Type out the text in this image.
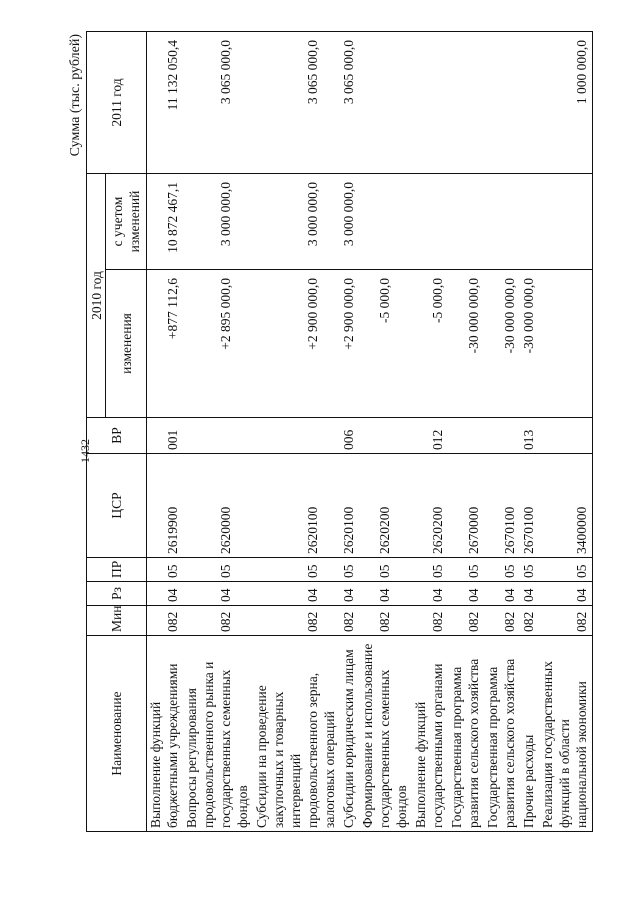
1432
Сумма (тыс. рублей)
Наименование	Мин	Рз	ПР	ЦСР	ВР	2010 год		2011 год
						изменения	с учетом изменений	
Выполнение функций бюджетными учреждениями	082	04	05	2619900	001	+877 112,6	10 872 467,1	11 132 050,4
Вопросы регулирования продовольственного рынка и государственных семенных фондов	082	04	05	2620000		+2 895 000,0	3 000 000,0	3 065 000,0
Субсидии на проведение закупочных и товарных интервенций продовольственного зерна, залоговых операций	082	04	05	2620100		+2 900 000,0	3 000 000,0	3 065 000,0
Субсидии юридическим лицам	082	04	05	2620100	006	+2 900 000,0	3 000 000,0	3 065 000,0
Формирование и использование государственных семенных фондов	082	04	05	2620200		-5 000,0		
Выполнение функций государственными органами	082	04	05	2620200	012	-5 000,0		
Государственная программа развития сельского хозяйства	082	04	05	2670000		-30 000 000,0		
Государственная программа развития сельского хозяйства	082	04	05	2670100		-30 000 000,0		
Прочие расходы	082	04	05	2670100	013	-30 000 000,0		
Реализация государственных функций в области национальной экономики	082	04	05	3400000				1 000 000,0
